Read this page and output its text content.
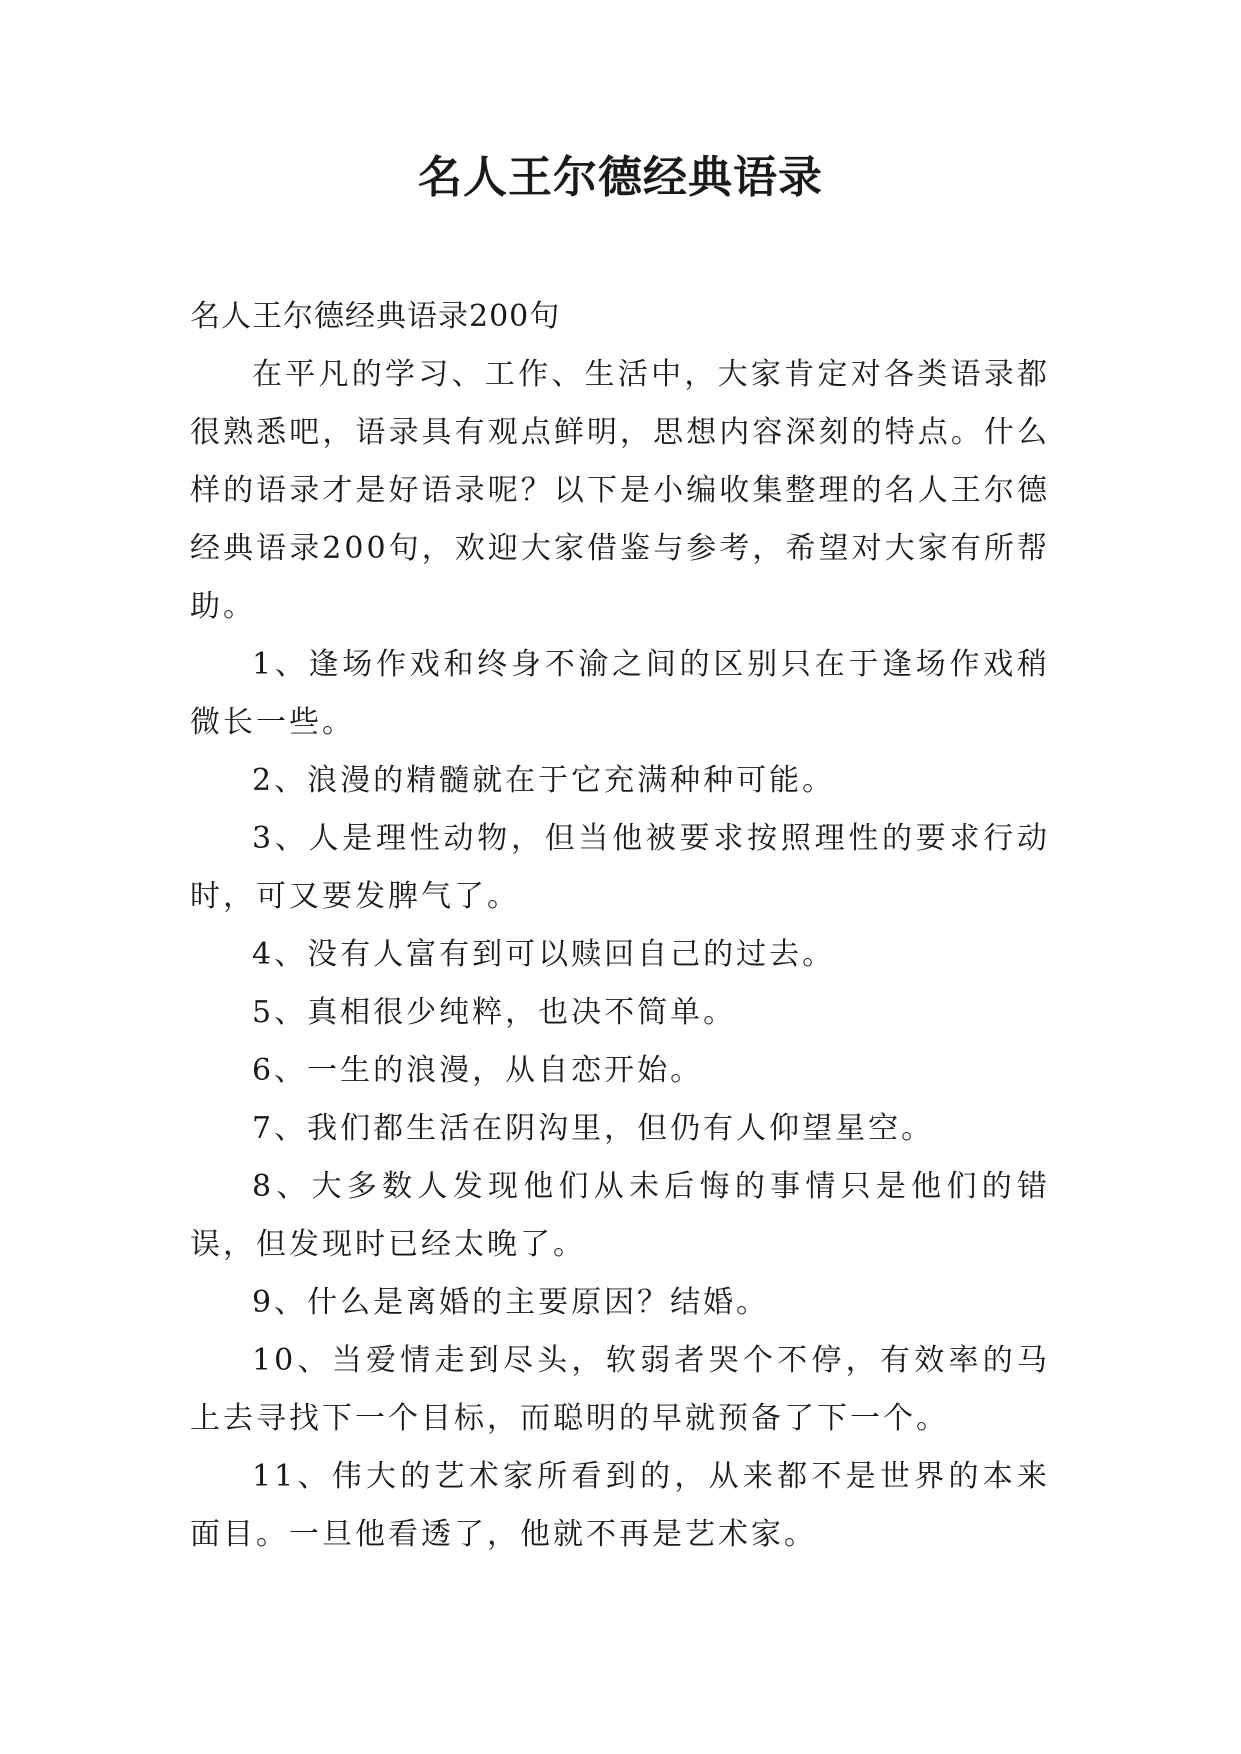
名人王尔德经典语录

名人王尔德经典语录200句

在平凡的学习、工作、生活中，大家肯定对各类语录都很熟悉吧，语录具有观点鲜明，思想内容深刻的特点。什么样的语录才是好语录呢？以下是小编收集整理的名人王尔德经典语录200句，欢迎大家借鉴与参考，希望对大家有所帮助。

1、逢场作戏和终身不渝之间的区别只在于逢场作戏稍微长一些。

2、浪漫的精髓就在于它充满种种可能。

3、人是理性动物，但当他被要求按照理性的要求行动时，可又要发脾气了。

4、没有人富有到可以赎回自己的过去。

5、真相很少纯粹，也决不简单。

6、一生的浪漫，从自恋开始。

7、我们都生活在阴沟里，但仍有人仰望星空。

8、大多数人发现他们从未后悔的事情只是他们的错误，但发现时已经太晚了。

9、什么是离婚的主要原因？结婚。

10、当爱情走到尽头，软弱者哭个不停，有效率的马上去寻找下一个目标，而聪明的早就预备了下一个。

11、伟大的艺术家所看到的，从来都不是世界的本来面目。一旦他看透了，他就不再是艺术家。
